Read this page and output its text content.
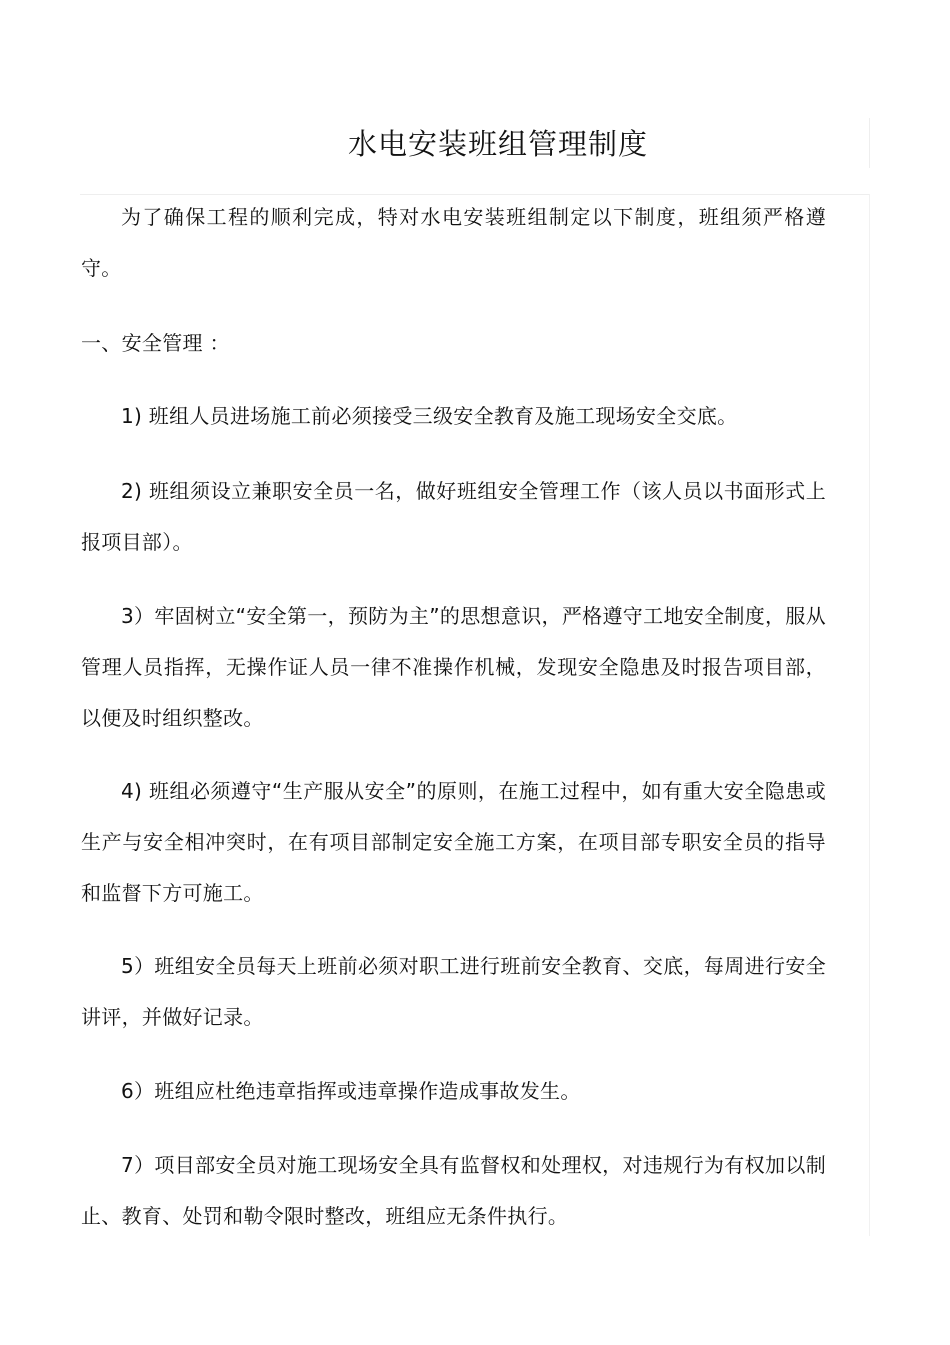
水电安装班组管理制度

为了确保工程的顺利完成，特对水电安装班组制定以下制度，班组须严格遵守。

一、安全管理 ：

1) 班组人员进场施工前必须接受三级安全教育及施工现场安全交底。

2) 班组须设立兼职安全员一名，做好班组安全管理工作（该人员以书面形式上报项目部）。

3）牢固树立“安全第一，预防为主”的思想意识，严格遵守工地安全制度，服从管理人员指挥，无操作证人员一律不准操作机械，发现安全隐患及时报告项目部，以便及时组织整改。

4) 班组必须遵守“生产服从安全”的原则，在施工过程中，如有重大安全隐患或生产与安全相冲突时，在有项目部制定安全施工方案，在项目部专职安全员的指导和监督下方可施工。

5）班组安全员每天上班前必须对职工进行班前安全教育、交底，每周进行安全讲评，并做好记录。

6）班组应杜绝违章指挥或违章操作造成事故发生。

7）项目部安全员对施工现场安全具有监督权和处理权，对违规行为有权加以制止、教育、处罚和勒令限时整改，班组应无条件执行。
